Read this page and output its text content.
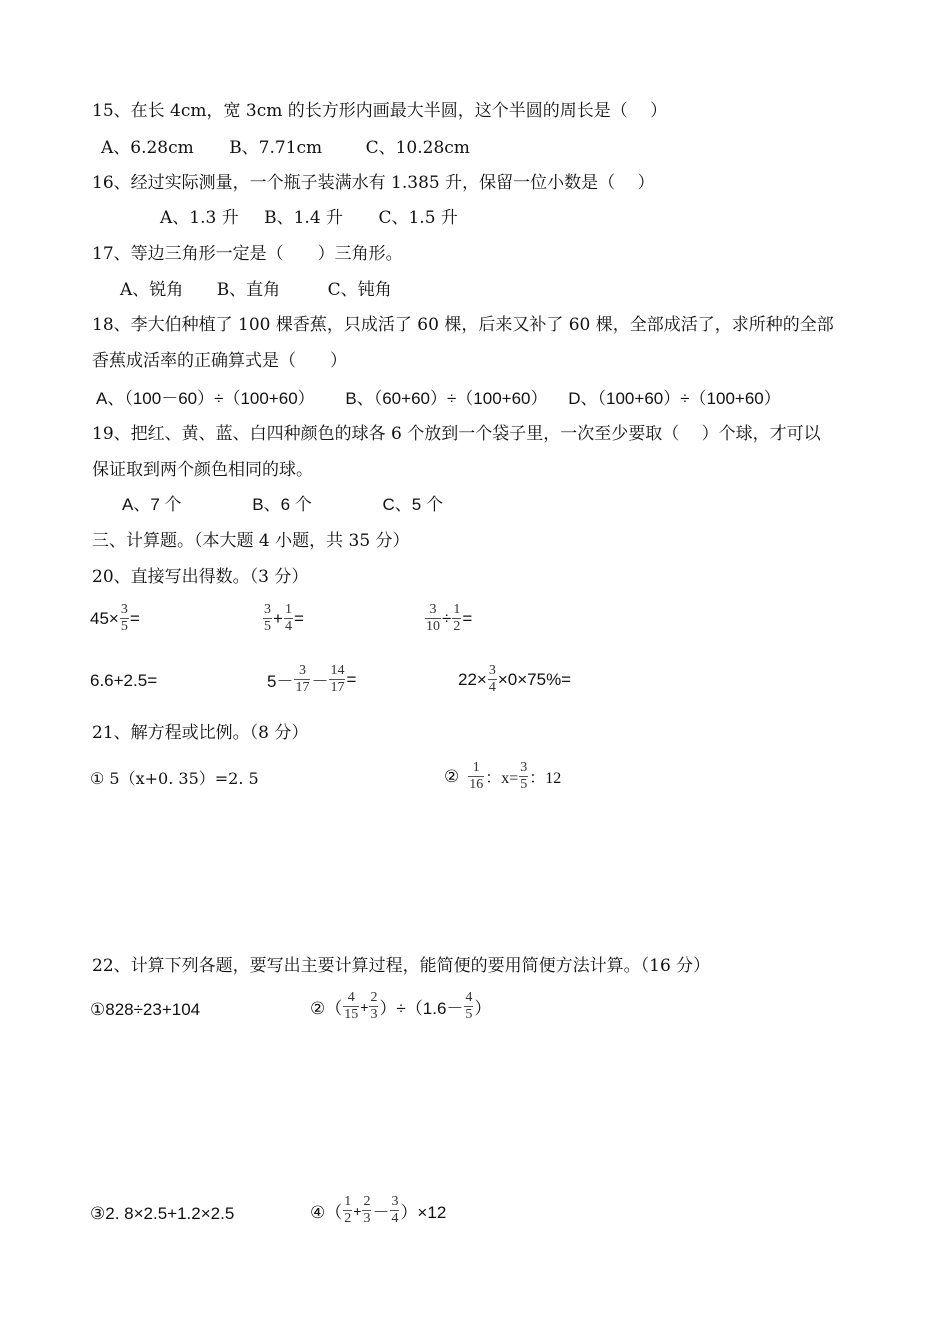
15、在长 4cm，宽 3cm 的长方形内画最大半圆，这个半圆的周长是（　 ）
A、6.28cm B、7.71cm	C、10.28cm
16、经过实际测量，一个瓶子装满水有 1.385 升，保留一位小数是（　 ）
A、1.3 升 B、1.4 升 C、1.5 升
17、等边三角形一定是（　　）三角形。
A、锐角 B、直角	C、钝角
18、李大伯种植了 100 棵香蕉，只成活了 60 棵，后来又补了 60 棵，全部成活了，求所种的全部
香蕉成活率的正确算式是（　　）
A、（100－60）÷（100+60） B、（60+60）÷（100+60） D、（100+60）÷（100+60）
19、把红、黄、蓝、白四种颜色的球各 6 个放到一个袋子里，一次至少要取（　 ）个球，才可以
保证取到两个颜色相同的球。
A、7 个	B、6 个	C、5 个
三、计算题。（本大题 4 小题，共 35 分）
20、直接写出得数。（3 分）
$45\times \frac{3}{5}$ =	$\frac{3}{5} + \frac{1}{4}$ =	$\frac{3}{10} \div \frac{1}{2}$ =
6.6+2.5=	$5- \frac{3}{17} - \frac{14}{17}$ =	$22\times \frac{3}{4} \times 0\times 75\%=$
21、解方程或比例。（8 分）
① 5（x+0. 35）=2. 5	② $\frac{1}{16}$ ：$x= \frac{3}{5}$ ：12
22、计算下列各题，要写出主要计算过程，能简便的要用简便方法计算。（16 分）
①828÷23+104	②（ $\frac{4}{15} + \frac{2}{3} )\div(1.6- \frac{4}{5}$ ）
③2. 8×2.5+1.2×2.5	④（ $\frac{1}{2} + \frac{2}{3} - \frac{3}{4} )\times 12$
